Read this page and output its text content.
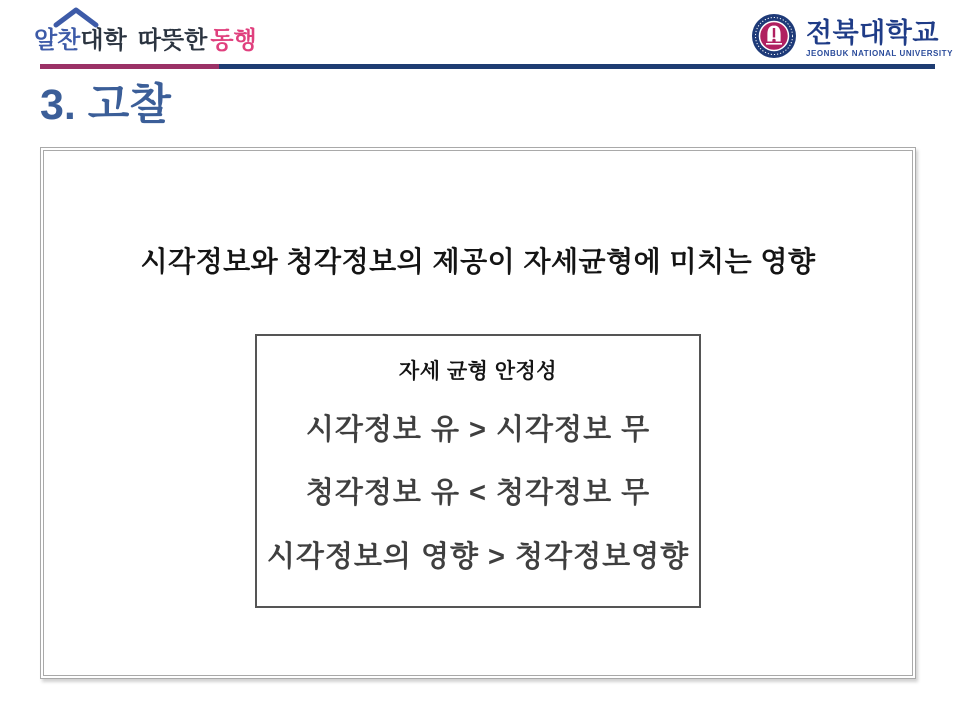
알찬대학 따뜻한 동행	전북대학교
JEONBUK NATIONAL UNIVERSITY
3. 고찰

시각정보와 청각정보의 제공이 자세균형에 미치는 영향

자세 균형 안정성

시각정보 유 > 시각정보 무

청각정보 유 < 청각정보 무

시각정보의 영향 > 청각정보영향
